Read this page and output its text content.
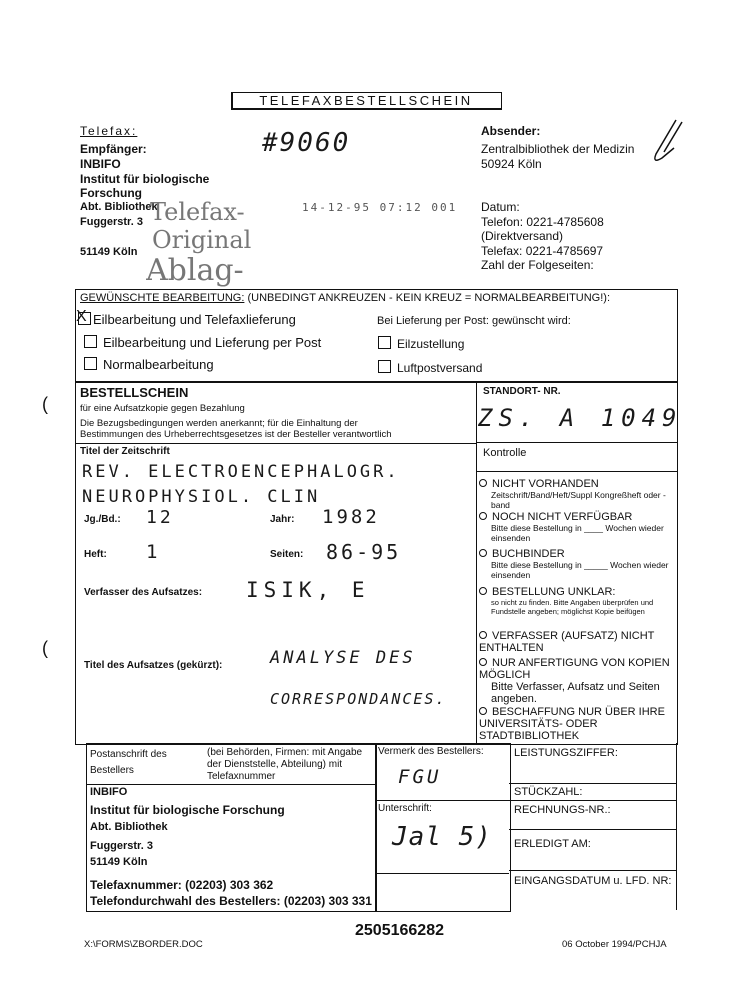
TELEFAXBESTELLSCHEIN
Telefax:
Empfänger:
INBIFO
Institut für biologische
Forschung
Abt. Bibliothek
Fuggerstr. 3
51149 Köln
#9060
14-12-95 07:12 001
Telefax-
Original
Ablag-
Absender:
Zentralbibliothek der Medizin
50924 Köln
Datum:
Telefon: 0221-4785608
(Direktversand)
Telefax: 0221-4785697
Zahl der Folgeseiten:
GEWÜNSCHTE BEARBEITUNG: (UNBEDINGT ANKREUZEN - KEIN KREUZ = NORMALBEARBEITUNG!):
X Eilbearbeitung und Telefaxlieferung
Eilbearbeitung und Lieferung per Post
Normalbearbeitung
Bei Lieferung per Post: gewünscht wird:
Eilzustellung
Luftpostversand
BESTELLSCHEIN
für eine Aufsatzkopie gegen Bezahlung
Die Bezugsbedingungen werden anerkannt; für die Einhaltung der
Bestimmungen des Urheberrechtsgesetzes ist der Besteller verantwortlich
STANDORT- NR.
ZS. A 1049
Titel der Zeitschrift
REV. ELECTROENCEPHALOGR.
NEUROPHYSIOL. CLIN
Jg./Bd.: 12	Jahr: 1982
Heft: 1	Seiten: 86-95
Verfasser des Aufsatzes: ISIK, E
Titel des Aufsatzes (gekürzt):	ANALYSE DES
CORRESPONDANCES.
Kontrolle
NICHT VORHANDEN
Zeitschrift/Band/Heft/Suppl Kongreßheft oder -band
NOCH NICHT VERFÜGBAR
Bitte diese Bestellung in ____ Wochen wieder einsenden
BUCHBINDER
Bitte diese Bestellung in _____ Wochen wieder einsenden
BESTELLUNG UNKLAR:
so nicht zu finden. Bitte Angaben überprüfen und Fundstelle angeben; möglichst Kopie beifügen
VERFASSER (AUFSATZ) NICHT ENTHALTEN
NUR ANFERTIGUNG VON KOPIEN MÖGLICH
Bitte Verfasser, Aufsatz und Seiten angeben.
BESCHAFFUNG NUR ÜBER IHRE UNIVERSITÄTS- ODER STADTBIBLIOTHEK
Postanschrift des Bestellers
(bei Behörden, Firmen: mit Angabe der Dienststelle, Abteilung) mit Telefaxnummer
INBIFO
Institut für biologische Forschung
Abt. Bibliothek
Fuggerstr. 3
51149 Köln
Telefaxnummer: (02203) 303 362
Telefondurchwahl des Bestellers: (02203) 303 331
Vermerk des Bestellers:
FGU
Unterschrift:
Jal 5)
LEISTUNGSZIFFER:
STÜCKZAHL:
RECHNUNGS-NR.:
ERLEDIGT AM:
EINGANGSDATUM u. LFD. NR:
X:\FORMS\ZBORDER.DOC
2505166282
06 October 1994/PCHJA
(
(
